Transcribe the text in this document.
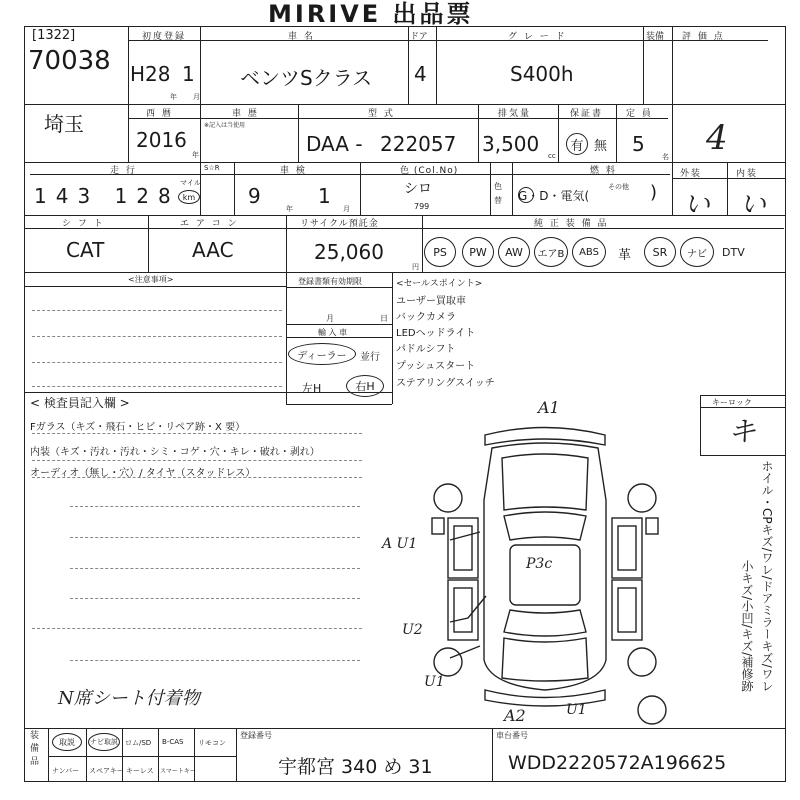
MIRIVE 出品票
[1322]
70038
初度登録
H28 1
年 月
車 名
ベンツSクラス
ドア
4
グ レ ー ド
S400h
装備 評 価 点
4
埼玉	西 暦
2016
年
車 歴
※記入は当使用
型 式
DAA - 222057
排気量
3,500 cc
保証書
有 無
定 員
5
名
走 行
143 128
マイル
km
S☆R	車 検
9
年
1
月
色 (Col.No)
シロ
799
色 替
燃 料
G・D・電気(
その他 )
外装	内装
い い
シ フ ト
CAT
エ ア コ ン
AAC
リサイクル預託金
25,060
円
純 正 装 備 品
PS	PW	AW	エアB	ABS	革	SR	ナビ	DTV
<注意事項>	登録書類有効期限
月	日
輸 入 車
ディーラー	並行
左H	右H
<セールスポイント>
ユーザー買取車
バックカメラ
LEDヘッドライト
パドルシフト
プッシュスタート
ステアリングスイッチ
< 検査員記入欄 >
Fガラス（キズ・飛石・ヒビ・リペア跡・X 要）
内装（キズ・汚れ・汚れ・シミ・コゲ・穴・キレ・破れ・剥れ）
オーディオ（無し・穴）/ タイヤ（スタッドレス）
N席シート付着物
キーロック
キ
ホイル・CPキズ/ワレ/ドアミラーキズ/ワレ
小キズ/小凹/キズ/補修跡
A1
A U1
P3c
U2
U1
A2	U1
装 備 品
取説	ナビ取説 ロム/SD B-CAS リモコン
ナンバー スペアキー キーレス スマートキー
登録番号
宇都宮 340 め 31
車台番号
WDD2220572A196625
